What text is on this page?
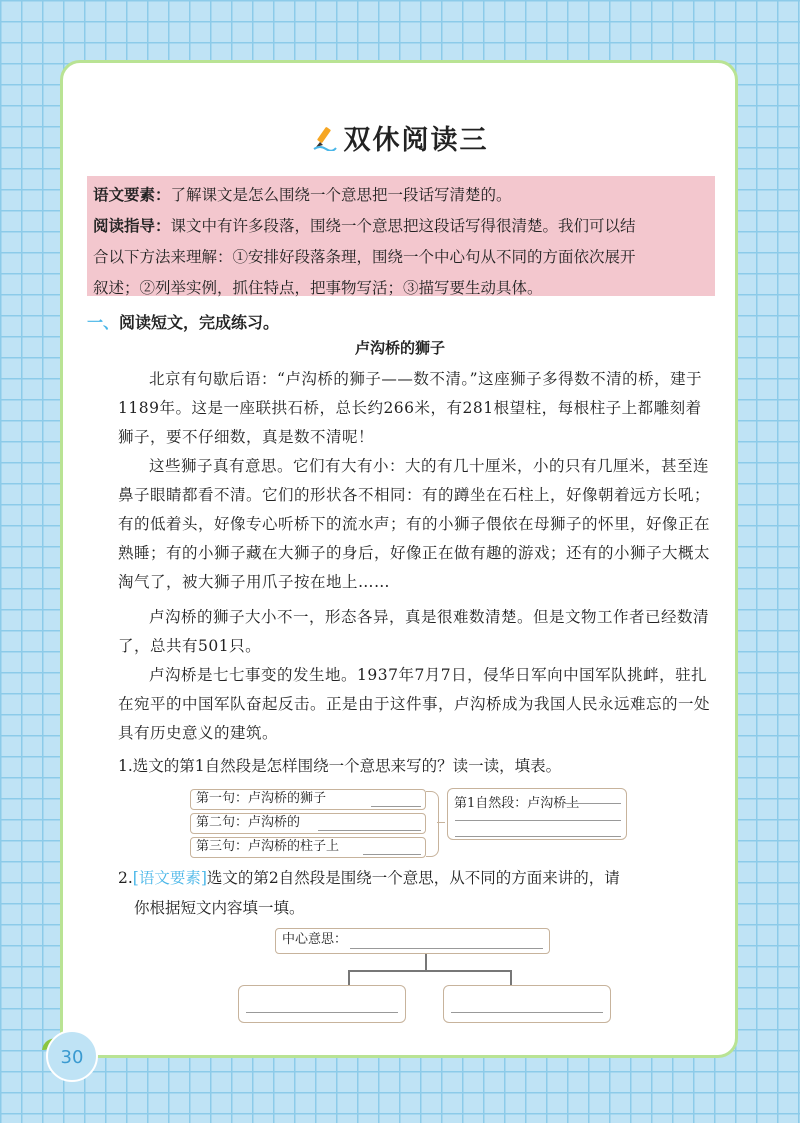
双休阅读三
语文要素：了解课文是怎么围绕一个意思把一段话写清楚的。
阅读指导：课文中有许多段落，围绕一个意思把这段话写得很清楚。我们可以结
合以下方法来理解：①安排好段落条理，围绕一个中心句从不同的方面依次展开
叙述；②列举实例，抓住特点，把事物写活；③描写要生动具体。
一、阅读短文，完成练习。
卢沟桥的狮子

北京有句歇后语：“卢沟桥的狮子——数不清。”这座狮子多得数不清的桥，建于1189年。这是一座联拱石桥，总长约266米，有281根望柱，每根柱子上都雕刻着狮子，要不仔细数，真是数不清呢！

这些狮子真有意思。它们有大有小：大的有几十厘米，小的只有几厘米，甚至连鼻子眼睛都看不清。它们的形状各不相同：有的蹲坐在石柱上，好像朝着远方长吼；有的低着头，好像专心听桥下的流水声；有的小狮子偎依在母狮子的怀里，好像正在熟睡；有的小狮子藏在大狮子的身后，好像正在做有趣的游戏；还有的小狮子大概太淘气了，被大狮子用爪子按在地上……

卢沟桥的狮子大小不一，形态各异，真是很难数清楚。但是文物工作者已经数清了，总共有501只。

卢沟桥是七七事变的发生地。1937年7月7日，侵华日军向中国军队挑衅，驻扎在宛平的中国军队奋起反击。正是由于这件事，卢沟桥成为我国人民永远难忘的一处具有历史意义的建筑。

1.选文的第1自然段是怎样围绕一个意思来写的？读一读，填表。

第一句：卢沟桥的狮子
第二句：卢沟桥的
第三句：卢沟桥的柱子上
第1自然段：卢沟桥上

2.[语文要素]选文的第2自然段是围绕一个意思，从不同的方面来讲的，请

你根据短文内容填一填。

中心意思：
30
